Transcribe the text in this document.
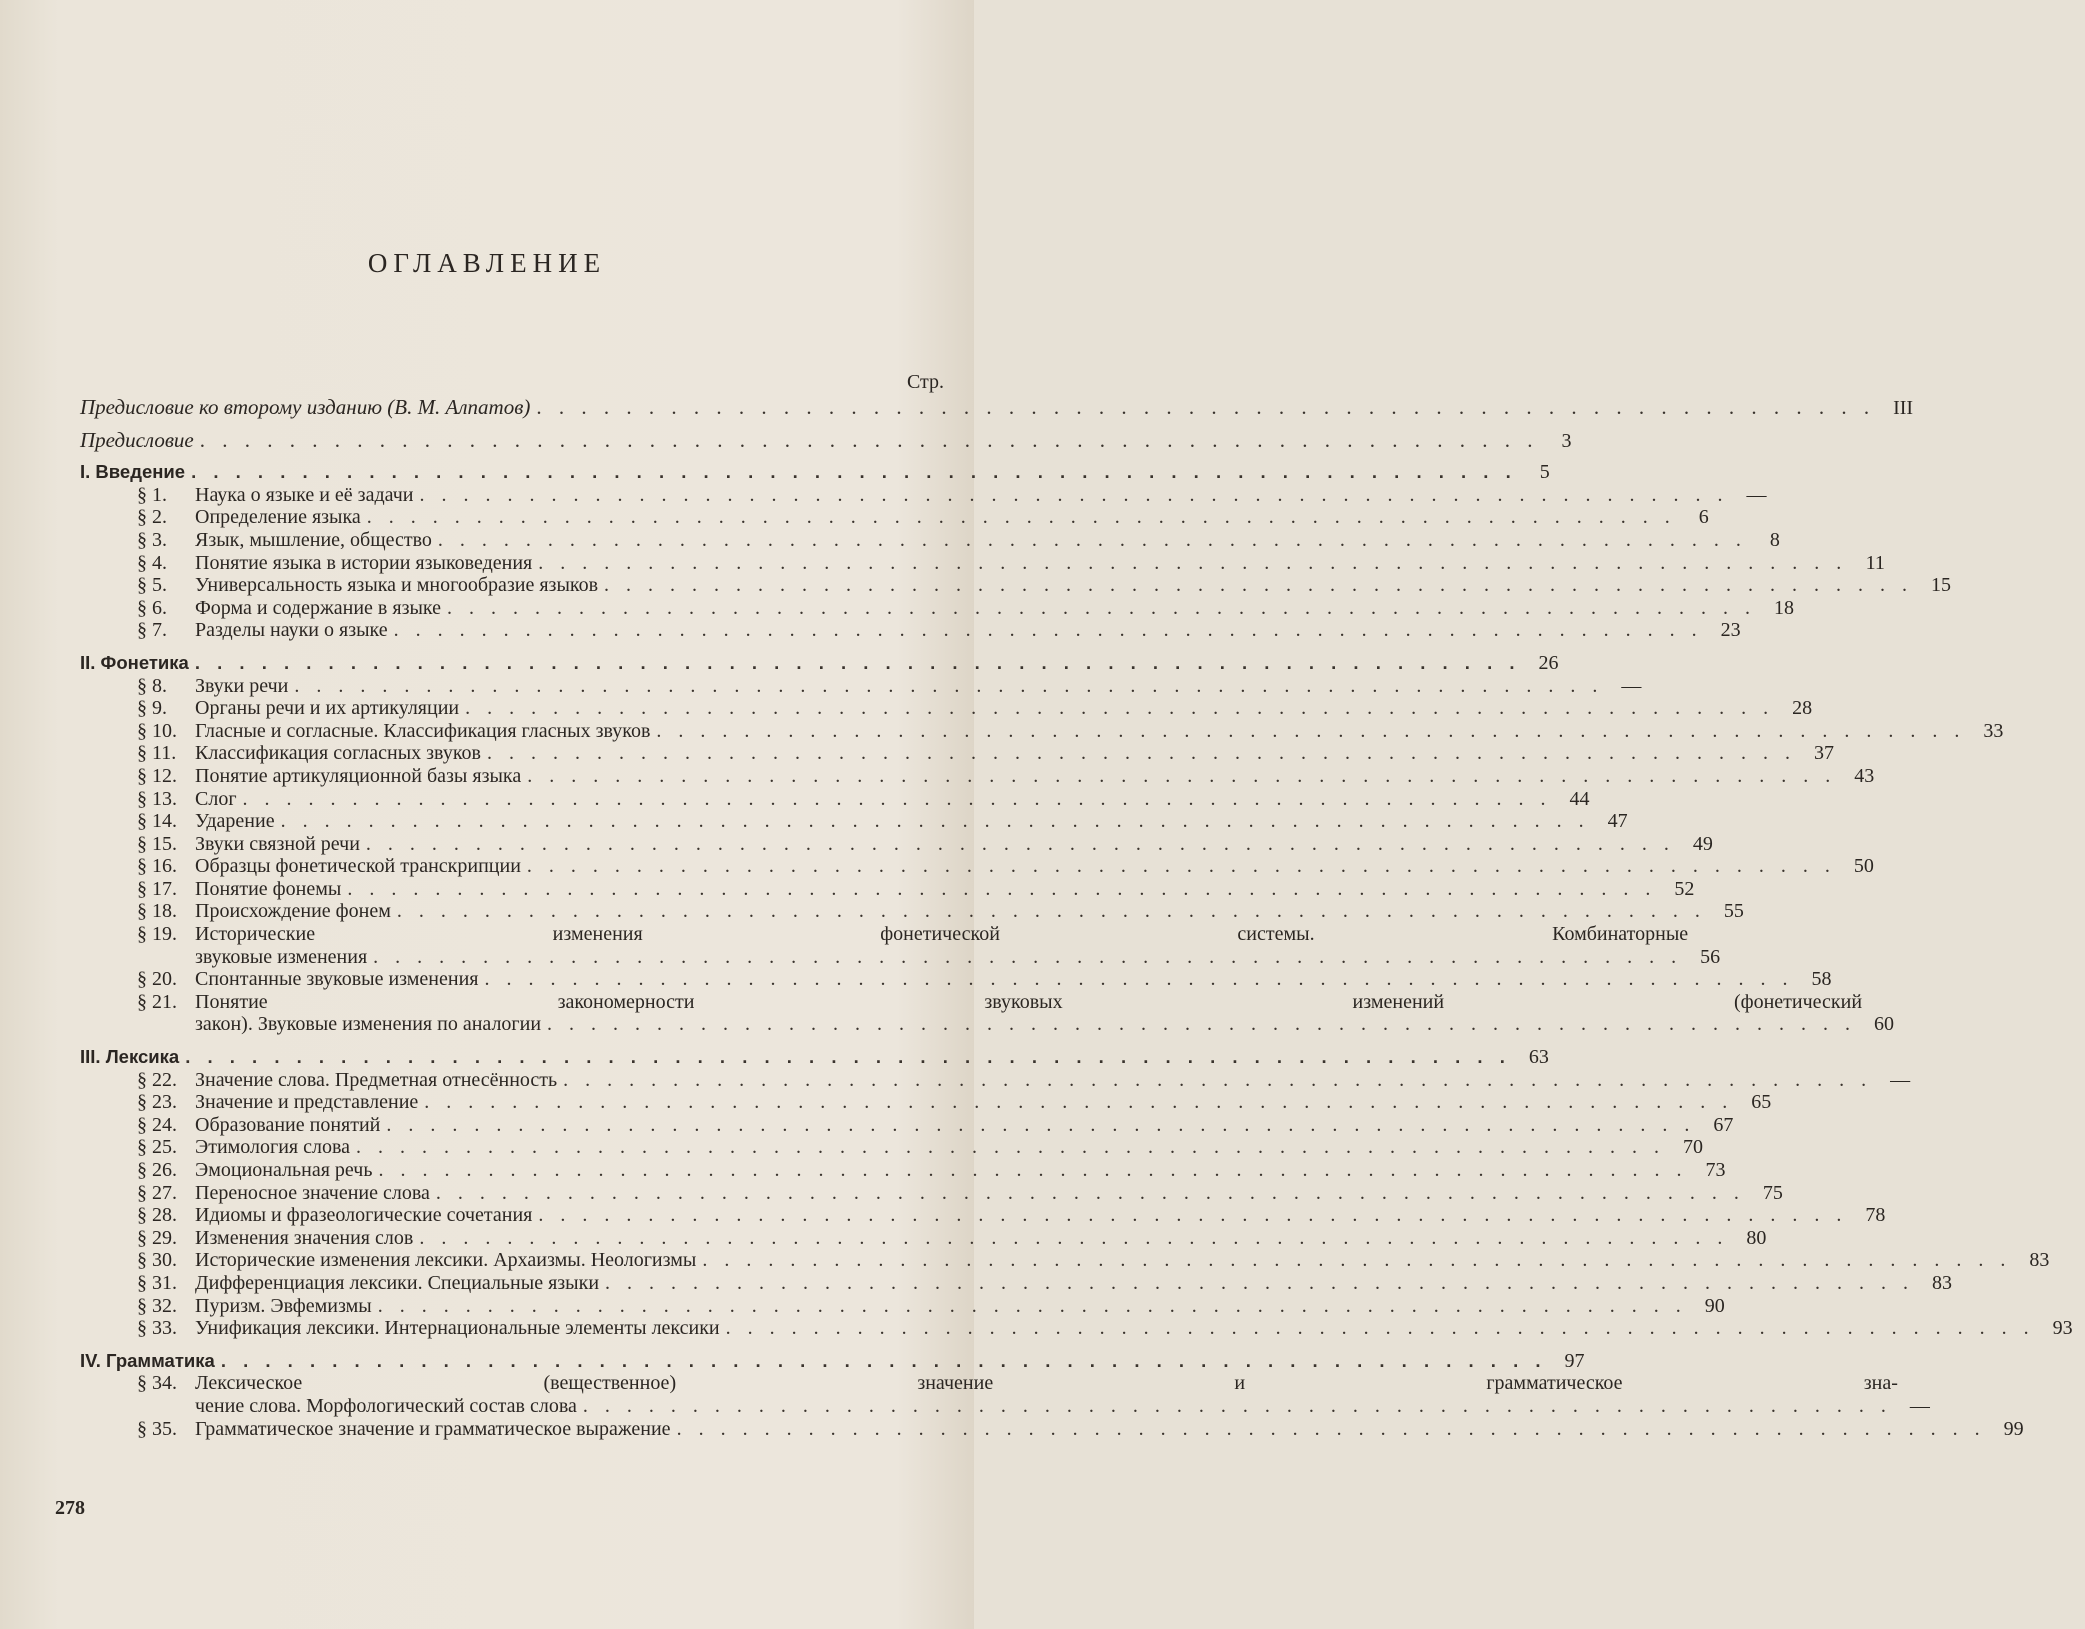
ОГЛАВЛЕНИЕ
Стр.
Предисловие ко второму изданию (В. М. Алпатов) . . . . . . . . . . . . . . . . . . . . . . . . . . . . . . . . . . . . . . . . . . . . . . . . . . . . . . . . . . . . III
Предисловие . . . . . . . . . . . . . . . . . . . . . . . . . . . . . . . . . . . . . . . . . . . . . . . . . . . . . . . . . . . .	3
I. Введение . . . . . . . . . . . . . . . . . . . . . . . . . . . . . . . . . . . . . . . . . . . . . . . . . . . . . . . . . . . .	5
§ 1.	Наука о языке и её задачи . . . . . . . . . . . . . . . . . . . . . . . . . . . . . . . . . . . . . . . . . . . . . . . . . . . . . . . . . . . . —
§ 2.	Определение языка . . . . . . . . . . . . . . . . . . . . . . . . . . . . . . . . . . . . . . . . . . . . . . . . . . . . . . . . . . . .	6
§ 3.	Язык, мышление, общество . . . . . . . . . . . . . . . . . . . . . . . . . . . . . . . . . . . . . . . . . . . . . . . . . . . . . . . . . . . .	8
§ 4.	Понятие языка в истории языковедения . . . . . . . . . . . . . . . . . . . . . . . . . . . . . . . . . . . . . . . . . . . . . . . . . . . . . . . . . . . . 11
§ 5.	Универсальность языка и многообразие языков . . . . . . . . . . . . . . . . . . . . . . . . . . . . . . . . . . . . . . . . . . . . . . . . . . . . . . . . . . . . 15
§ 6.	Форма и содержание в языке . . . . . . . . . . . . . . . . . . . . . . . . . . . . . . . . . . . . . . . . . . . . . . . . . . . . . . . . . . . . 18
§ 7.	Разделы науки о языке . . . . . . . . . . . . . . . . . . . . . . . . . . . . . . . . . . . . . . . . . . . . . . . . . . . . . . . . . . . . 23
II. Фонетика . . . . . . . . . . . . . . . . . . . . . . . . . . . . . . . . . . . . . . . . . . . . . . . . . . . . . . . . . . . . 26
§ 8.	Звуки речи . . . . . . . . . . . . . . . . . . . . . . . . . . . . . . . . . . . . . . . . . . . . . . . . . . . . . . . . . . . . —
§ 9.	Органы речи и их артикуляции . . . . . . . . . . . . . . . . . . . . . . . . . . . . . . . . . . . . . . . . . . . . . . . . . . . . . . . . . . . . 28
§ 10. Гласные и согласные. Классификация гласных звуков . . . . . . . . . . . . . . . . . . . . . . . . . . . . . . . . . . . . . . . . . . . . . . . . . . . . . . . . . . . . 33
§ 11. Классификация согласных звуков . . . . . . . . . . . . . . . . . . . . . . . . . . . . . . . . . . . . . . . . . . . . . . . . . . . . . . . . . . . . 37
§ 12. Понятие артикуляционной базы языка . . . . . . . . . . . . . . . . . . . . . . . . . . . . . . . . . . . . . . . . . . . . . . . . . . . . . . . . . . . . 43
§ 13. Слог . . . . . . . . . . . . . . . . . . . . . . . . . . . . . . . . . . . . . . . . . . . . . . . . . . . . . . . . . . . . 44
§ 14. Ударение . . . . . . . . . . . . . . . . . . . . . . . . . . . . . . . . . . . . . . . . . . . . . . . . . . . . . . . . . . . . 47
§ 15. Звуки связной речи . . . . . . . . . . . . . . . . . . . . . . . . . . . . . . . . . . . . . . . . . . . . . . . . . . . . . . . . . . . . 49
§ 16. Образцы фонетической транскрипции . . . . . . . . . . . . . . . . . . . . . . . . . . . . . . . . . . . . . . . . . . . . . . . . . . . . . . . . . . . . 50
§ 17. Понятие фонемы . . . . . . . . . . . . . . . . . . . . . . . . . . . . . . . . . . . . . . . . . . . . . . . . . . . . . . . . . . . . 52
§ 18. Происхождение фонем . . . . . . . . . . . . . . . . . . . . . . . . . . . . . . . . . . . . . . . . . . . . . . . . . . . . . . . . . . . . 55
§ 19. Исторические изменения фонетической системы. Комбинаторные
звуковые изменения . . . . . . . . . . . . . . . . . . . . . . . . . . . . . . . . . . . . . . . . . . . . . . . . . . . . . . . . . . . . 56
§ 20. Спонтанные звуковые изменения . . . . . . . . . . . . . . . . . . . . . . . . . . . . . . . . . . . . . . . . . . . . . . . . . . . . . . . . . . . . 58
§ 21. Понятие закономерности звуковых изменений (фонетический
закон). Звуковые изменения по аналогии . . . . . . . . . . . . . . . . . . . . . . . . . . . . . . . . . . . . . . . . . . . . . . . . . . . . . . . . . . . . 60
III. Лексика . . . . . . . . . . . . . . . . . . . . . . . . . . . . . . . . . . . . . . . . . . . . . . . . . . . . . . . . . . . . 63
§ 22. Значение слова. Предметная отнесённость . . . . . . . . . . . . . . . . . . . . . . . . . . . . . . . . . . . . . . . . . . . . . . . . . . . . . . . . . . . . —
§ 23. Значение и представление . . . . . . . . . . . . . . . . . . . . . . . . . . . . . . . . . . . . . . . . . . . . . . . . . . . . . . . . . . . . 65
§ 24. Образование понятий . . . . . . . . . . . . . . . . . . . . . . . . . . . . . . . . . . . . . . . . . . . . . . . . . . . . . . . . . . . . 67
§ 25. Этимология слова . . . . . . . . . . . . . . . . . . . . . . . . . . . . . . . . . . . . . . . . . . . . . . . . . . . . . . . . . . . . 70
§ 26. Эмоциональная речь . . . . . . . . . . . . . . . . . . . . . . . . . . . . . . . . . . . . . . . . . . . . . . . . . . . . . . . . . . . . 73
§ 27. Переносное значение слова . . . . . . . . . . . . . . . . . . . . . . . . . . . . . . . . . . . . . . . . . . . . . . . . . . . . . . . . . . . . 75
§ 28. Идиомы и фразеологические сочетания . . . . . . . . . . . . . . . . . . . . . . . . . . . . . . . . . . . . . . . . . . . . . . . . . . . . . . . . . . . . 78
§ 29. Изменения значения слов . . . . . . . . . . . . . . . . . . . . . . . . . . . . . . . . . . . . . . . . . . . . . . . . . . . . . . . . . . . . 80
§ 30. Исторические изменения лексики. Архаизмы. Неологизмы . . . . . . . . . . . . . . . . . . . . . . . . . . . . . . . . . . . . . . . . . . . . . . . . . . . . . . . . . . . . 83
§ 31. Дифференциация лексики. Специальные языки . . . . . . . . . . . . . . . . . . . . . . . . . . . . . . . . . . . . . . . . . . . . . . . . . . . . . . . . . . . . 83
§ 32. Пуризм. Эвфемизмы . . . . . . . . . . . . . . . . . . . . . . . . . . . . . . . . . . . . . . . . . . . . . . . . . . . . . . . . . . . . 90
§ 33. Унификация лексики. Интернациональные элементы лексики . . . . . . . . . . . . . . . . . . . . . . . . . . . . . . . . . . . . . . . . . . . . . . . . . . . . . . . . . . . . 93
IV. Грамматика . . . . . . . . . . . . . . . . . . . . . . . . . . . . . . . . . . . . . . . . . . . . . . . . . . . . . . . . . . . . 97
§ 34. Лексическое (вещественное) значение и грамматическое зна-
чение слова. Морфологический состав слова . . . . . . . . . . . . . . . . . . . . . . . . . . . . . . . . . . . . . . . . . . . . . . . . . . . . . . . . . . . . —
§ 35. Грамматическое значение и грамматическое выражение . . . . . . . . . . . . . . . . . . . . . . . . . . . . . . . . . . . . . . . . . . . . . . . . . . . . . . . . . . . . 99
278
